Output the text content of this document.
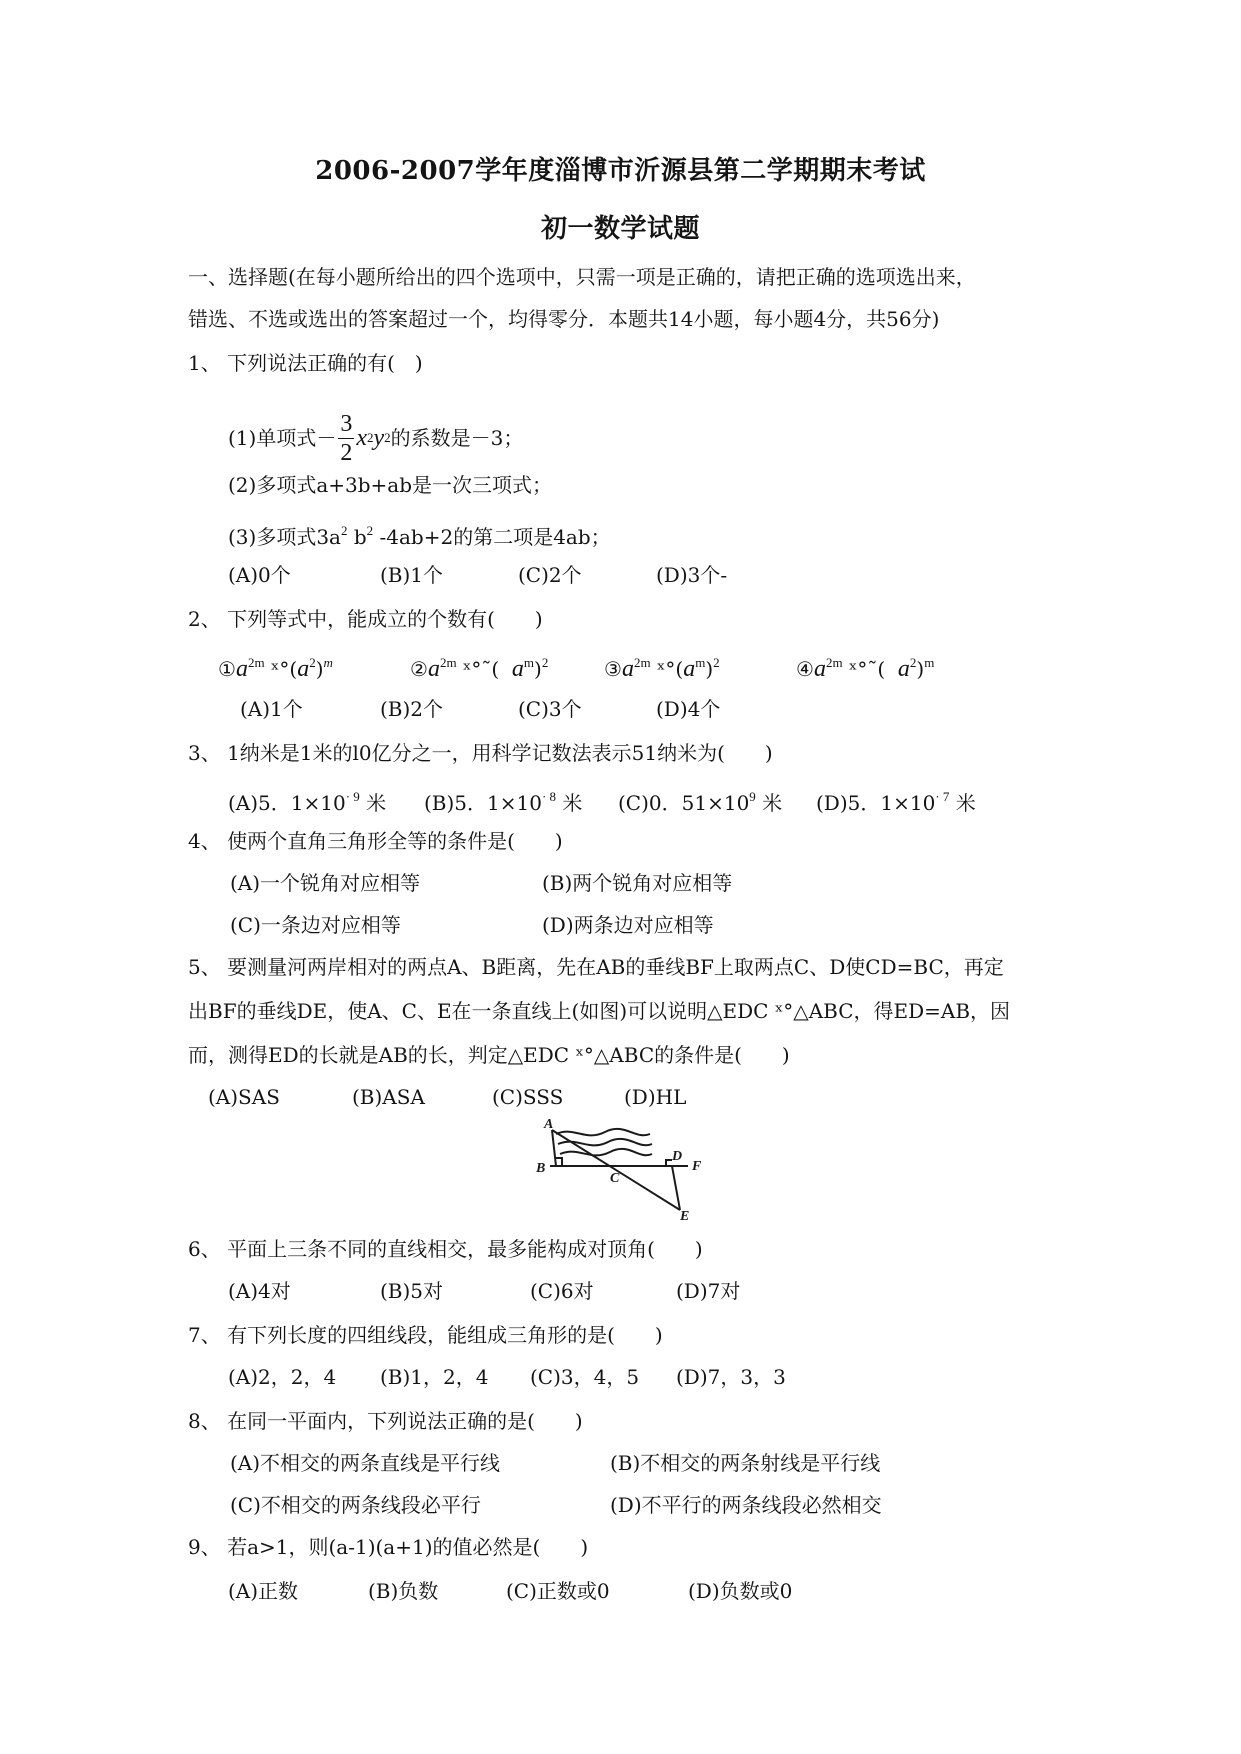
2006-2007学年度淄博市沂源县第二学期期末考试
初一数学试题
一、选择题(在每小题所给出的四个选项中，只需一项是正确的，请把正确的选项选出来，
错选、不选或选出的答案超过一个，均得零分．本题共14小题，每小题4分，共56分)
1、 下列说法正确的有(　)
(1)单项式－ $\frac{3}{2}$ x 2 y 2 的系数是－3；
(2)多项式a+3b+ab是一次三项式；
(3)多项式$3a^2$ $b^2$ -4ab+2的第二项是4ab；
(A)0个	(B)1个	(C)2个	(D)3个-
2、 下列等式中，能成立的个数有(　　)
$①a^{2m}$ $ˣ^\circ(a^2)^m$	$②a^{2m}$ ˣ°˜( $a^m)^2$	$③a^{2m}$ $ˣ^\circ(a^m)^2$	$④a^{2m}$ ˣ°˜( $a^2)^m$
(A)1个	(B)2个	(C)3个	(D)4个
3、 1纳米是1米的l0亿分之一，用科学记数法表示51纳米为(　　)
(A)5．$1\times 10^{\cdot 9}$ 米 (B)5．$1\times 10^{\cdot 8}$ 米 (C)0．$51\times 10^9$ 米 (D)5．$1\times 10^{\cdot 7}$ 米
4、 使两个直角三角形全等的条件是(　　)
(A)一个锐角对应相等	(B)两个锐角对应相等
(C)一条边对应相等	(D)两条边对应相等
5、 要测量河两岸相对的两点A、B距离，先在AB的垂线BF上取两点C、D使CD=BC，再定
出BF的垂线DE，使A、C、E在一条直线上(如图)可以说明△EDC ˣ°△ABC，得ED=AB，因
而，测得ED的长就是AB的长，判定△EDC ˣ°△ABC的条件是(　　)
(A)SAS	(B)ASA	(C)SSS	(D)HL
A
B
C
D
F
E
6、 平面上三条不同的直线相交，最多能构成对顶角(　　)
(A)4对	(B)5对	(C)6对	(D)7对
7、 有下列长度的四组线段，能组成三角形的是(　　)
(A)2，2，4 (B)1，2，4 (C)3，4，5 (D)7，3，3
8、 在同一平面内，下列说法正确的是(　　)
(A)不相交的两条直线是平行线	(B)不相交的两条射线是平行线
(C)不相交的两条线段必平行	(D)不平行的两条线段必然相交
9、 若a>1，则(a-1)(a+1)的值必然是(　　)
(A)正数	(B)负数	(C)正数或0	(D)负数或0
